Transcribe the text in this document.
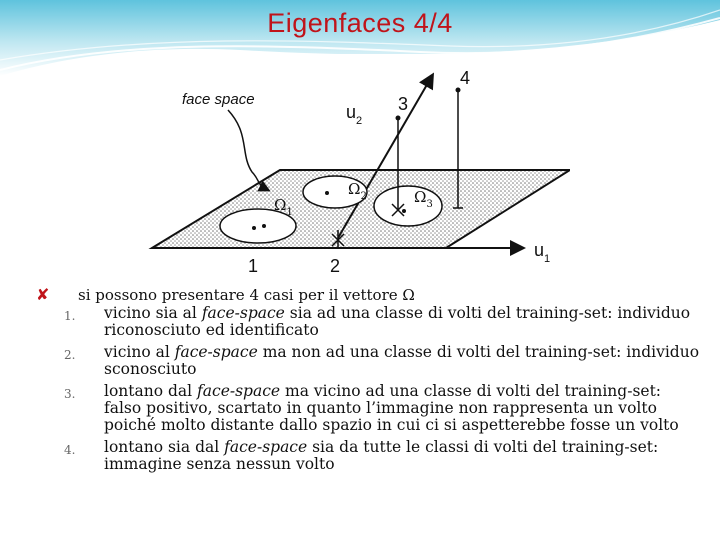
Eigenfaces 4/4
face space
$u_2$
$u_1$
$\Omega_1$
$\Omega_2$	$\Omega_3$
1	2
3
4
✘ si possono presentare 4 casi per il vettore Ω
1. vicino sia al face-space sia ad una classe di volti del training-set: individuo riconosciuto ed identificato
2. vicino al face-space ma non ad una classe di volti del training-set: individuo sconosciuto
3. lontano dal face-space ma vicino ad una classe di volti del training-set: falso positivo, scartato in quanto l’immagine non rappresenta un volto poiché molto distante dallo spazio in cui ci si aspetterebbe fosse un volto
4. lontano sia dal face-space sia da tutte le classi di volti del training-set: immagine senza nessun volto
